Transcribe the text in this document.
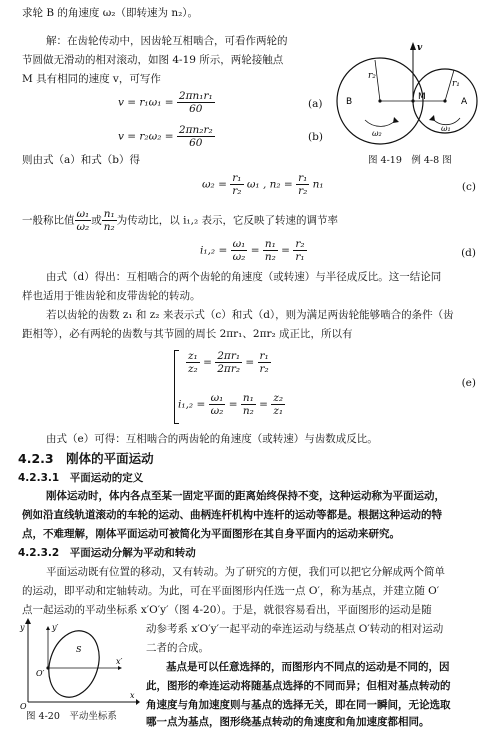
求轮 B 的角速度 ω₂（即转速为 n₂）。
解：在齿轮传动中，因齿轮互相啮合，可看作两轮的
节圆做无滑动的相对滚动，如图 4-19 所示，两轮接触点
M 具有相同的速度 v，可写作
$v = r_1\omega_1 = \frac{\text{2πn₁r₁}}{60}$	(a)
$v = r_2\omega_2 = \frac{\text{2πn₂r₂}}{60}$	(b)
则由式（a）和式（b）得
B	M	A
r₂
r₁
v
ω₂
ω₁
图 4-19　例 4-8 图
$\omega_2 = \frac{\text{r₁}}{\text{r₂}} \omega_1$ , $n_2 = \frac{\text{r₁}}{\text{r₂}} n_1$	(c)
一般称比值 $\frac{\text{ω₁}}{\text{ω₂}}$ 或 $\frac{\text{n₁}}{\text{n₂}}$ 为传动比，以 i₁,₂ 表示，它反映了转速的调节率
$i_1,_2 = \frac{\text{ω₁}}{\text{ω₂}} = \frac{\text{n₁}}{\text{n₂}} = \frac{\text{r₂}}{\text{r₁}}$	(d)
由式（d）得出：互相啮合的两个齿轮的角速度（或转速）与半径成反比。这一结论同
样也适用于锥齿轮和皮带齿轮的转动。
若以齿轮的齿数 z₁ 和 z₂ 来表示式（c）和式（d），则为满足两齿轮能够啮合的条件（齿
距相等），必有两轮的齿数与其节圆的周长 2πr₁、2πr₂ 成正比，所以有
$\frac{\text{z₁}}{\text{z₂}} = \frac{\text{2πr₁}}{\text{2πr₂}} = \frac{\text{r₁}}{\text{r₂}}$
$i_1,_2 = \frac{\text{ω₁}}{\text{ω₂}} = \frac{\text{n₁}}{\text{n₂}} = \frac{\text{z₂}}{\text{z₁}}$
(e)
由式（e）可得：互相啮合的两齿轮的角速度（或转速）与齿数成反比。
4.2.3　刚体的平面运动
4.2.3.1　平面运动的定义
刚体运动时，体内各点至某一固定平面的距离始终保持不变，这种运动称为平面运动，
例如沿直线轨道滚动的车轮的运动、曲柄连杆机构中连杆的运动等都是。根据这种运动的特
点，不难理解，刚体平面运动可被简化为平面图形在其自身平面内的运动来研究。
4.2.3.2　平面运动分解为平动和转动
平面运动既有位置的移动，又有转动。为了研究的方便，我们可以把它分解成两个简单
的运动，即平动和定轴转动。为此，可在平面图形内任选一点 O′，称为基点，并建立随 O′
点一起运动的平动坐标系 x′O′y′（图 4-20）。于是，就很容易看出，平面图形的运动是随
动参考系 x′O′y′一起平动的牵连运动与绕基点 O′转动的相对运动
二者的合成。
基点是可以任意选择的，而图形内不同点的运动是不同的，因
此，图形的牵连运动将随基点选择的不同而异；但相对基点转动的
角速度与角加速度则与基点的选择无关，即在同一瞬间，无论选取
哪一点为基点，图形绕基点转动的角速度和角加速度都相同。
y	y′
S
x′
O′
O
x
图 4-20　平动坐标系
